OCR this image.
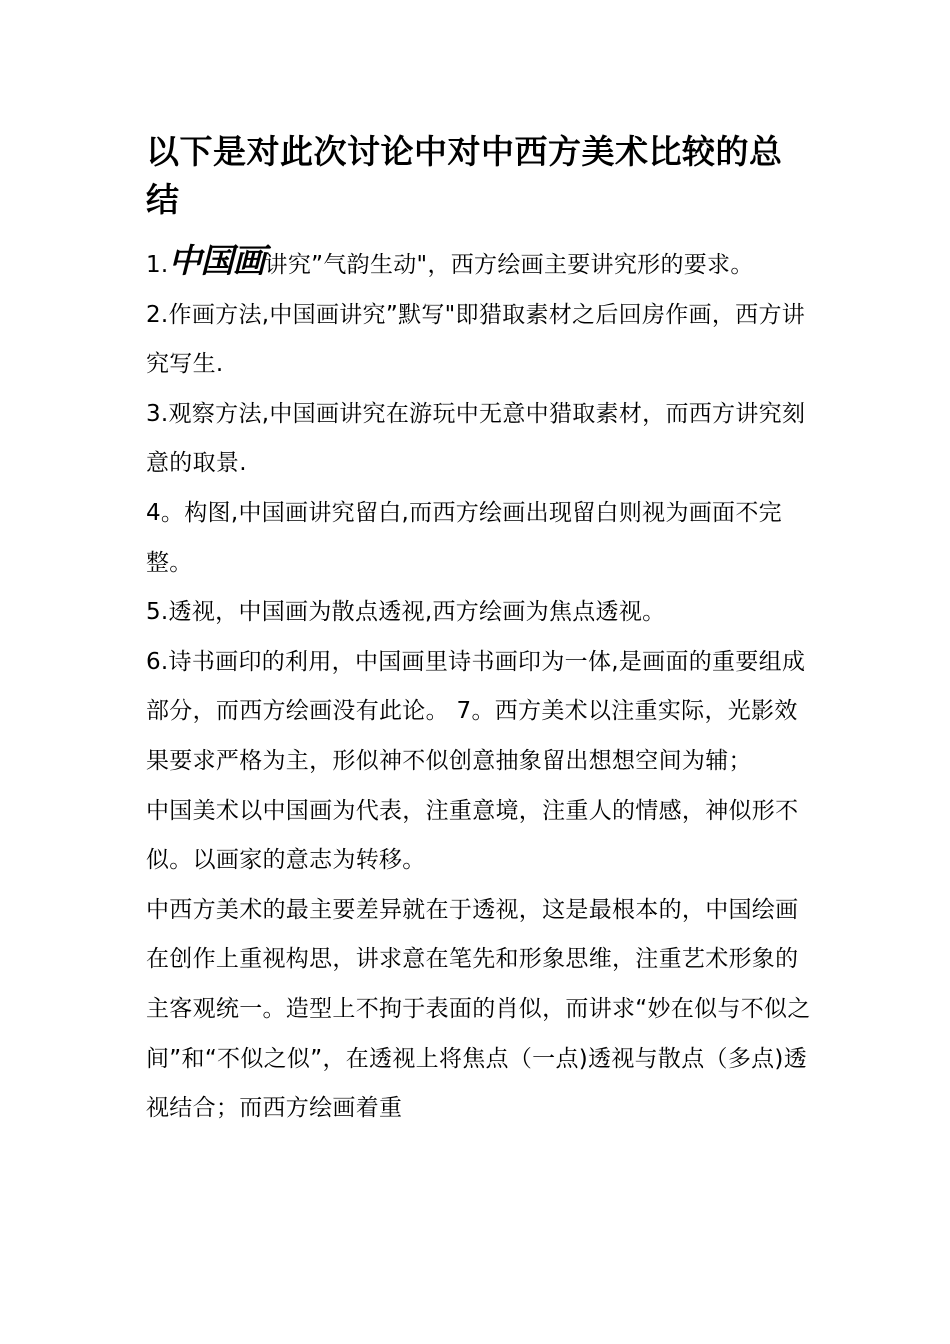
以下是对此次讨论中对中西方美术比较的总结

1.中国画讲究”气韵生动"，西方绘画主要讲究形的要求。

2.作画方法,中国画讲究”默写"即猎取素材之后回房作画，西方讲究写生.

3.观察方法,中国画讲究在游玩中无意中猎取素材，而西方讲究刻意的取景.

4。构图,中国画讲究留白,而西方绘画出现留白则视为画面不完整。

5.透视，中国画为散点透视,西方绘画为焦点透视。

6.诗书画印的利用，中国画里诗书画印为一体,是画面的重要组成部分，而西方绘画没有此论。 7。西方美术以注重实际，光影效果要求严格为主，形似神不似创意抽象留出想想空间为辅；

中国美术以中国画为代表，注重意境，注重人的情感，神似形不似。以画家的意志为转移。

中西方美术的最主要差异就在于透视，这是最根本的，中国绘画在创作上重视构思，讲求意在笔先和形象思维，注重艺术形象的主客观统一。造型上不拘于表面的肖似，而讲求“妙在似与不似之间”和“不似之似”，在透视上将焦点（一点)透视与散点（多点)透视结合；而西方绘画着重
